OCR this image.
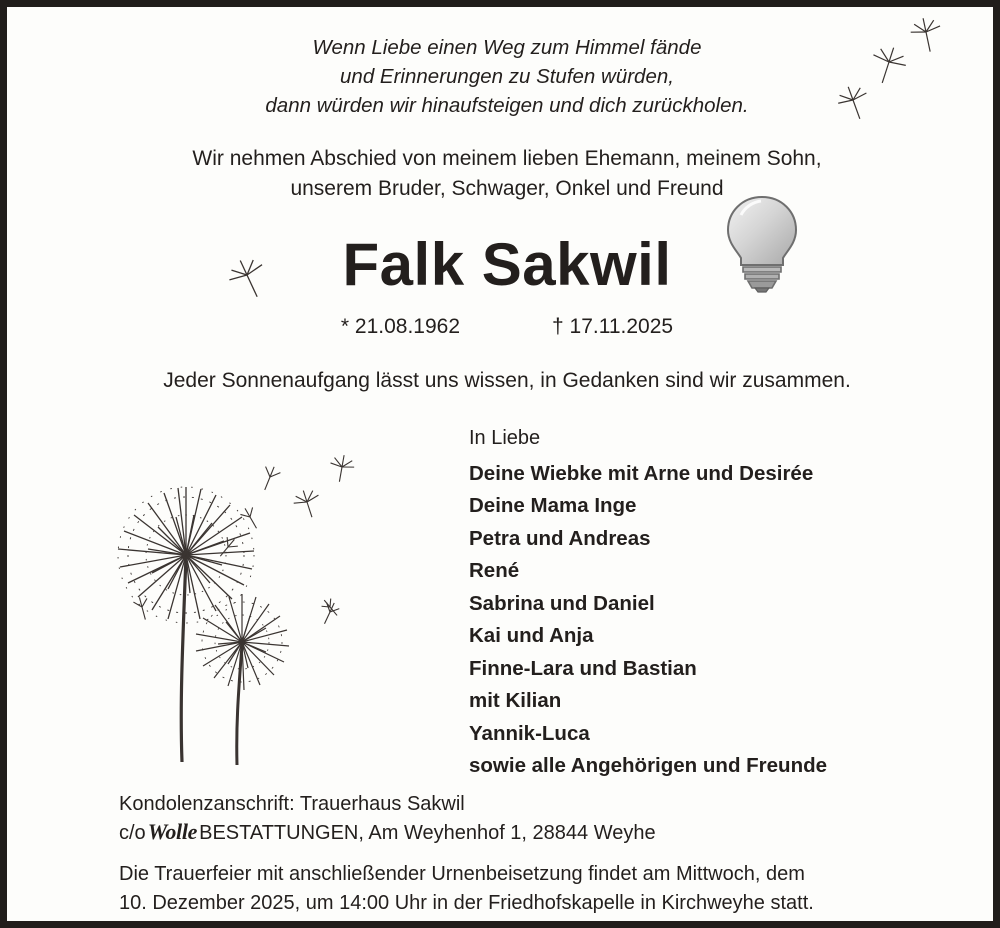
Wenn Liebe einen Weg zum Himmel fände
und Erinnerungen zu Stufen würden,
dann würden wir hinaufsteigen und dich zurückholen.
Wir nehmen Abschied von meinem lieben Ehemann, meinem Sohn,
unserem Bruder, Schwager, Onkel und Freund
Falk Sakwil
* 21.08.1962	† 17.11.2025
Jeder Sonnenaufgang lässt uns wissen, in Gedanken sind wir zusammen.
In Liebe
Deine Wiebke mit Arne und Desirée
Deine Mama Inge
Petra und Andreas
René
Sabrina und Daniel
Kai und Anja
Finne-Lara und Bastian
mit Kilian
Yannik-Luca
sowie alle Angehörigen und Freunde
Kondolenzanschrift: Trauerhaus Sakwil
c/o Wolle BESTATTUNGEN, Am Weyhenhof 1, 28844 Weyhe
Die Trauerfeier mit anschließender Urnenbeisetzung findet am Mittwoch, dem
10. Dezember 2025, um 14:00 Uhr in der Friedhofskapelle in Kirchweyhe statt.
